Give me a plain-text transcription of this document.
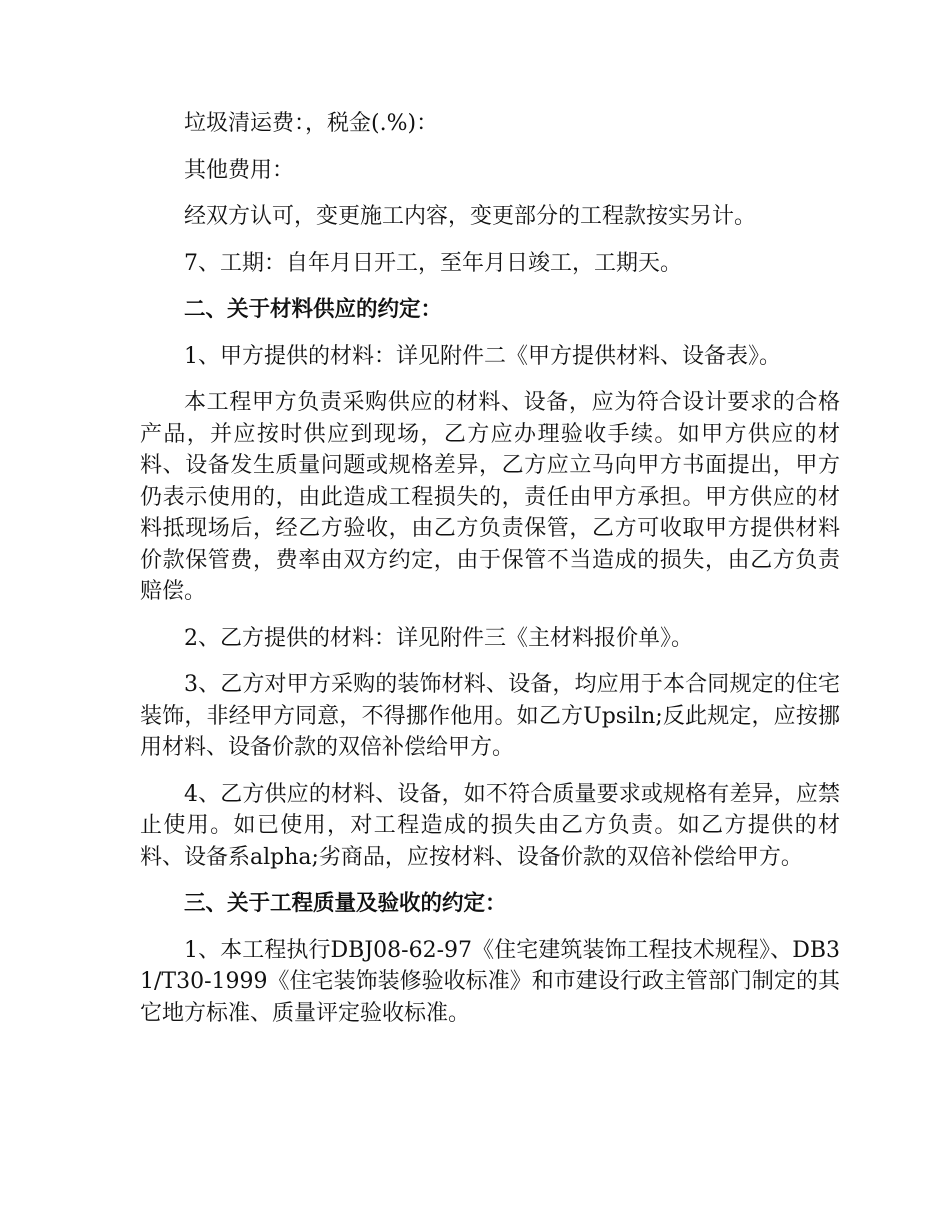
垃圾清运费：，税金(.%)：

其他费用：

经双方认可，变更施工内容，变更部分的工程款按实另计。

7、工期：自年月日开工，至年月日竣工，工期天。

二、关于材料供应的约定：

1、甲方提供的材料：详见附件二《甲方提供材料、设备表》。

本工程甲方负责采购供应的材料、设备，应为符合设计要求的合格产品，并应按时供应到现场，乙方应办理验收手续。如甲方供应的材料、设备发生质量问题或规格差异，乙方应立马向甲方书面提出，甲方仍表示使用的，由此造成工程损失的，责任由甲方承担。甲方供应的材料抵现场后，经乙方验收，由乙方负责保管，乙方可收取甲方提供材料价款保管费，费率由双方约定，由于保管不当造成的损失，由乙方负责赔偿。

2、乙方提供的材料：详见附件三《主材料报价单》。

3、乙方对甲方采购的装饰材料、设备，均应用于本合同规定的住宅装饰，非经甲方同意，不得挪作他用。如乙方Upsiln;反此规定，应按挪用材料、设备价款的双倍补偿给甲方。

4、乙方供应的材料、设备，如不符合质量要求或规格有差异，应禁止使用。如已使用，对工程造成的损失由乙方负责。如乙方提供的材料、设备系alpha;劣商品，应按材料、设备价款的双倍补偿给甲方。

三、关于工程质量及验收的约定：

1、本工程执行DBJ08-62-97《住宅建筑装饰工程技术规程》、DB31/T30-1999《住宅装饰装修验收标准》和市建设行政主管部门制定的其它地方标准、质量评定验收标准。
